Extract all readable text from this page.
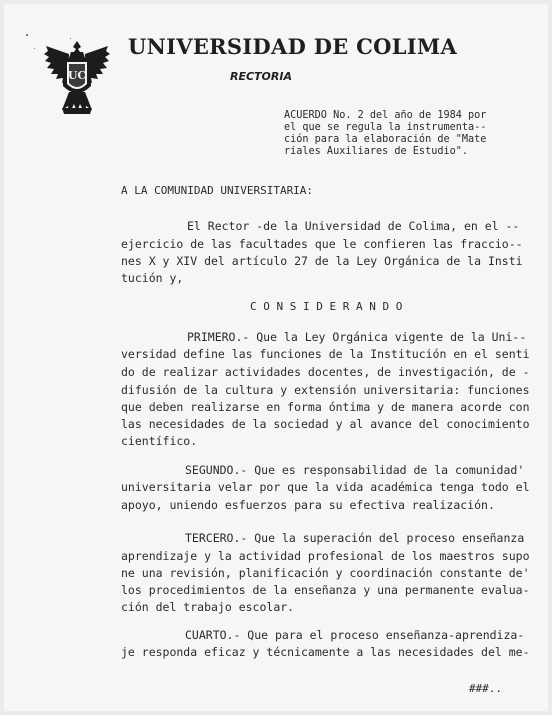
UC
UNIVERSIDAD DE COLIMA
RECTORIA
ACUERDO No. 2 del año de 1984 por
el que se regula la instrumenta--
ción para la elaboración de "Mate
riales Auxiliares de Estudio".
A LA COMUNIDAD UNIVERSITARIA:
El Rector -de la Universidad de Colima, en el --
ejercicio de las facultades que le confieren las fraccio--
nes X y XIV del artículo 27 de la Ley Orgánica de la Insti
tución y,
C O N S I D E R A N D O
PRIMERO.- Que la Ley Orgánica vigente de la Uni--
versidad define las funciones de la Institución en el senti
do de realizar actividades docentes, de investigación, de -
difusión de la cultura y extensión universitaria: funciones
que deben realizarse en forma óntima y de manera acorde con
las necesidades de la sociedad y al avance del conocimiento
científico.
SEGUNDO.- Que es responsabilidad de la comunidad'
universitaria velar por que la vida académica tenga todo el
apoyo, uniendo esfuerzos para su efectiva realización.
TERCERO.- Que la superación del proceso enseñanza
aprendizaje y la actividad profesional de los maestros supo
ne una revisión, planificación y coordinación constante de'
los procedimientos de la enseñanza y una permanente evalua-
ción del trabajo escolar.
CUARTO.- Que para el proceso enseñanza-aprendiza-
je responda eficaz y técnicamente a las necesidades del me-
###..
